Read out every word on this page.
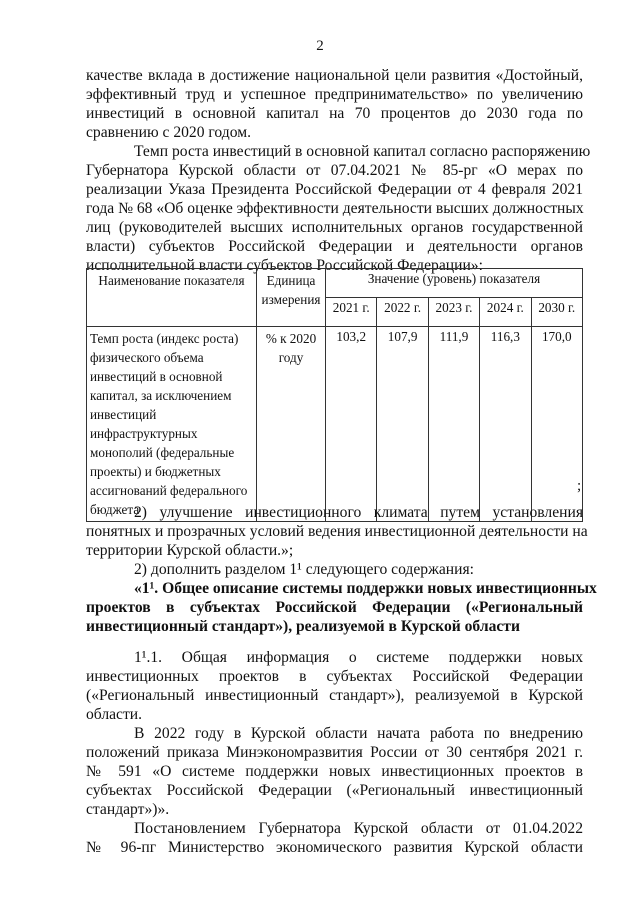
2
качестве вклада в достижение национальной цели развития «Достойный,
эффективный труд и успешное предпринимательство» по увеличению
инвестиций в основной капитал на 70 процентов до 2030 года по
сравнению с 2020 годом.
Темп роста инвестиций в основной капитал согласно распоряжению
Губернатора Курской области от 07.04.2021 № 85-рг «О мерах по
реализации Указа Президента Российской Федерации от 4 февраля 2021
года № 68 «Об оценке эффективности деятельности высших должностных
лиц (руководителей высших исполнительных органов государственной
власти) субъектов Российской Федерации и деятельности органов
исполнительной власти субъектов Российской Федерации»:
Наименование показателя	Единица измерения	Значение (уровень) показателя				
		2021 г.	2022 г.	2023 г.	2024 г.	2030 г.
Темп роста (индекс роста) физического объема инвестиций в основной капитал, за исключением инвестиций инфраструктурных монополий (федеральные проекты) и бюджетных ассигнований федерального бюджета	% к 2020 году	103,2	107,9	111,9	116,3	170,0
;
2) улучшение инвестиционного климата путем установления
понятных и прозрачных условий ведения инвестиционной деятельности на
территории Курской области.»;
2) дополнить разделом 1¹ следующего содержания:
«1¹. Общее описание системы поддержки новых инвестиционных
проектов в субъектах Российской Федерации («Региональный
инвестиционный стандарт»), реализуемой в Курской области
1¹.1. Общая информация о системе поддержки новых
инвестиционных проектов в субъектах Российской Федерации
(«Региональный инвестиционный стандарт»), реализуемой в Курской
области.
В 2022 году в Курской области начата работа по внедрению
положений приказа Минэкономразвития России от 30 сентября 2021 г.
№ 591 «О системе поддержки новых инвестиционных проектов в
субъектах Российской Федерации («Региональный инвестиционный
стандарт»)».
Постановлением Губернатора Курской области от 01.04.2022
№ 96-пг Министерство экономического развития Курской области
